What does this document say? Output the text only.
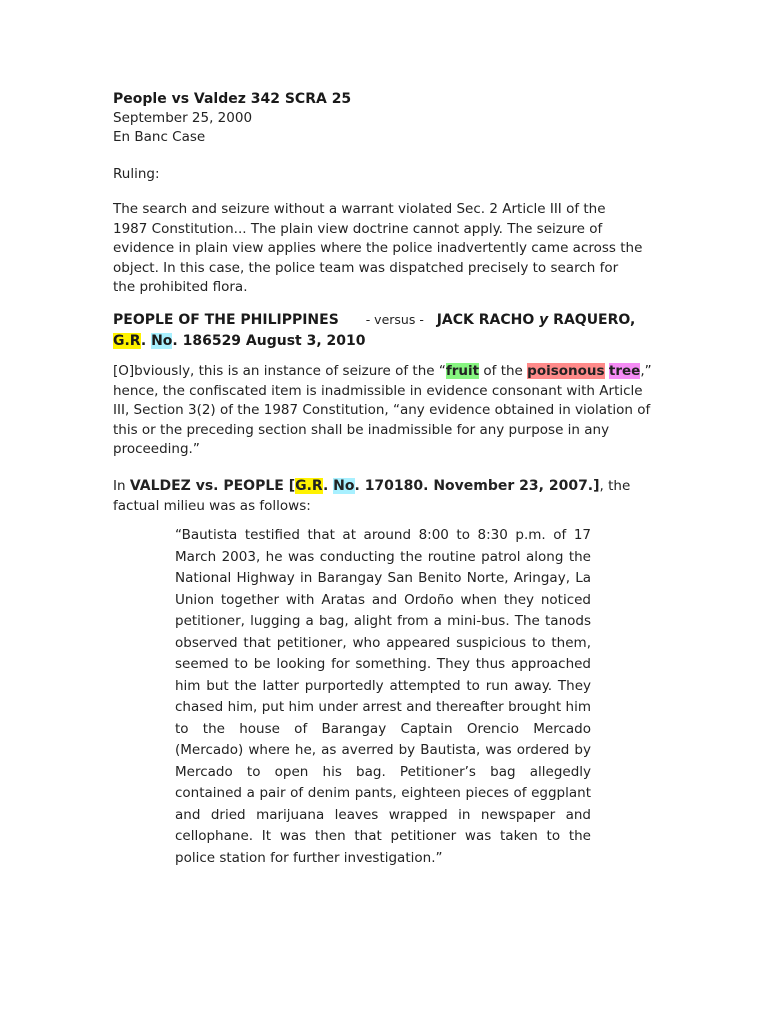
People vs Valdez 342 SCRA 25
September 25, 2000
En Banc Case
Ruling:
The search and seizure without a warrant violated Sec. 2 Article III of the 1987 Constitution... The plain view doctrine cannot apply. The seizure of evidence in plain view applies where the police inadvertently came across the object. In this case, the police team was dispatched precisely to search for the prohibited flora.
PEOPLE OF THE PHILIPPINES - versus - JACK RACHO y RAQUERO,
G.R. No. 186529 August 3, 2010
[O]bviously, this is an instance of seizure of the “fruit of the poisonous tree,” hence, the confiscated item is inadmissible in evidence consonant with Article III, Section 3(2) of the 1987 Constitution, “any evidence obtained in violation of this or the preceding section shall be inadmissible for any purpose in any proceeding.”
In VALDEZ vs. PEOPLE [G.R. No. 170180. November 23, 2007.], the factual milieu was as follows:
“Bautista testified that at around 8:00 to 8:30 p.m. of 17 March 2003, he was conducting the routine patrol along the National Highway in Barangay San Benito Norte, Aringay, La Union together with Aratas and Ordoño when they noticed petitioner, lugging a bag, alight from a mini-bus. The tanods observed that petitioner, who appeared suspicious to them, seemed to be looking for something. They thus approached him but the latter purportedly attempted to run away. They chased him, put him under arrest and thereafter brought him to the house of Barangay Captain Orencio Mercado (Mercado) where he, as averred by Bautista, was ordered by Mercado to open his bag. Petitioner’s bag allegedly contained a pair of denim pants, eighteen pieces of eggplant and dried marijuana leaves wrapped in newspaper and cellophane. It was then that petitioner was taken to the police station for further investigation.”
